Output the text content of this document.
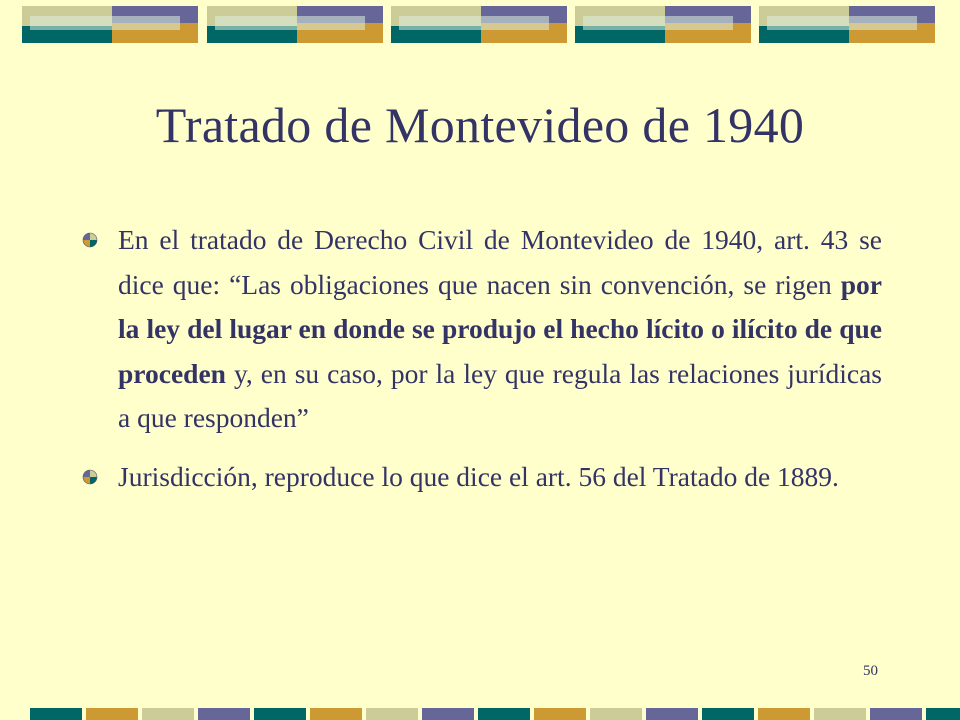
Tratado de Montevideo de 1940

En el tratado de Derecho Civil de Montevideo de 1940, art. 43 se dice que: “Las obligaciones que nacen sin convención, se rigen por la ley del lugar en donde se produjo el hecho lícito o ilícito de que proceden y, en su caso, por la ley que regula las relaciones jurídicas a que responden”

Jurisdicción, reproduce lo que dice el art. 56 del Tratado de 1889.

50
